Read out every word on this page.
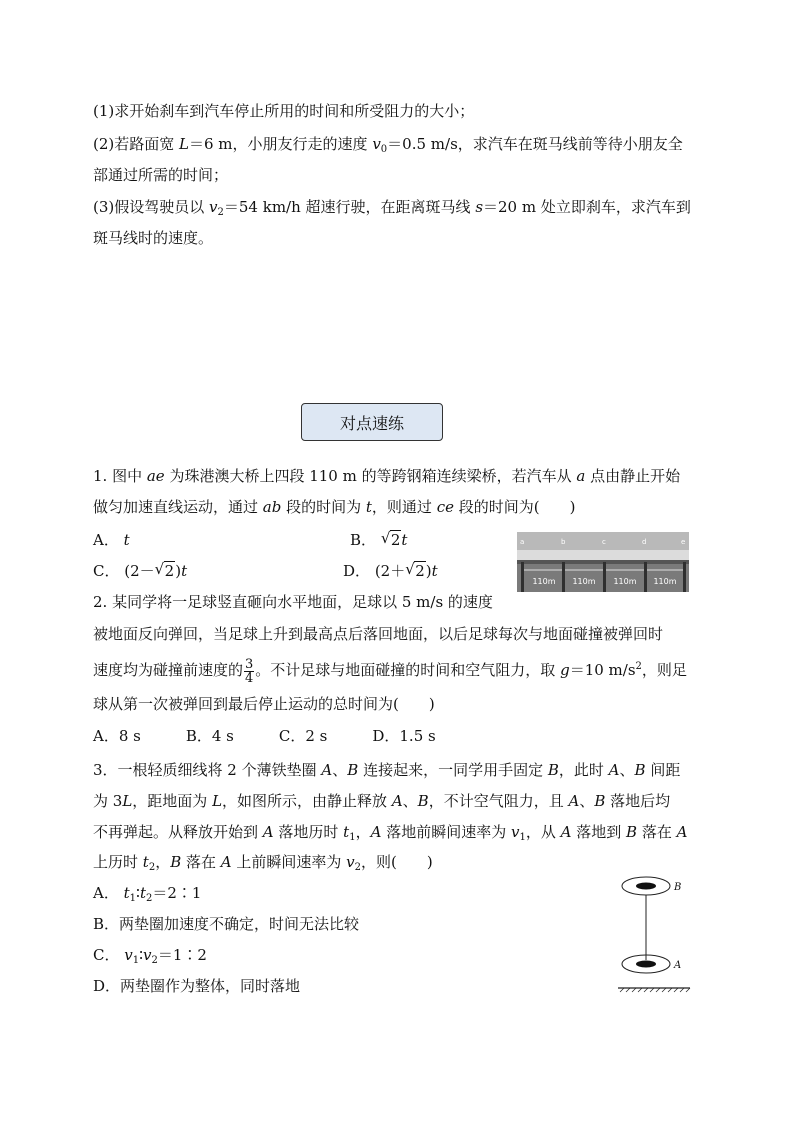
(1)求开始刹车到汽车停止所用的时间和所受阻力的大小；
(2)若路面宽 L＝6 m，小朋友行走的速度 $v_0=0.5$ m/s，求汽车在斑马线前等待小朋友全
部通过所需的时间；
(3)假设驾驶员以 $v_2=54$ km/h 超速行驶，在距离斑马线 s＝20 m 处立即刹车，求汽车到
斑马线时的速度。
对点速练
1. 图中 ae 为珠港澳大桥上四段 110 m 的等跨钢箱连续梁桥，若汽车从 a 点由静止开始
做匀加速直线运动，通过 ab 段的时间为 t，则通过 ce 段的时间为(　　)
A． t	B． √ 2t
C． (2－ √ 2)t	D． (2＋ √ 2)t
a	b	c	d	e
110m 110m 110m 110m
2. 某同学将一足球竖直砸向水平地面，足球以 5 m/s 的速度
被地面反向弹回，当足球上升到最高点后落回地面，以后足球每次与地面碰撞被弹回时
速度均为碰撞前速度的 $\frac{3}{4}$ 。不计足球与地面碰撞的时间和空气阻力，取 g＝10 $m/s^2$，则足
球从第一次被弹回到最后停止运动的总时间为(　　)
A．8 s　　　B．4 s　　　C．2 s　　　D．1.5 s
3．一根轻质细线将 2 个薄铁垫圈 A、B 连接起来，一同学用手固定 B，此时 A、B 间距
为 3L，距地面为 L，如图所示，由静止释放 A、B，不计空气阻力，且 A、B 落地后均
不再弹起。从释放开始到 A 落地历时 $t_1$，A 落地前瞬间速率为 $v_1$，从 A 落地到 B 落在 A
上历时 $t_2$，B 落在 A 上前瞬间速率为 $v_2$，则(　　)
A． $t_1∶t_2=2∶1$
B．两垫圈加速度不确定，时间无法比较
C． $v_1∶v_2=1∶2$
D．两垫圈作为整体，同时落地
B
A
